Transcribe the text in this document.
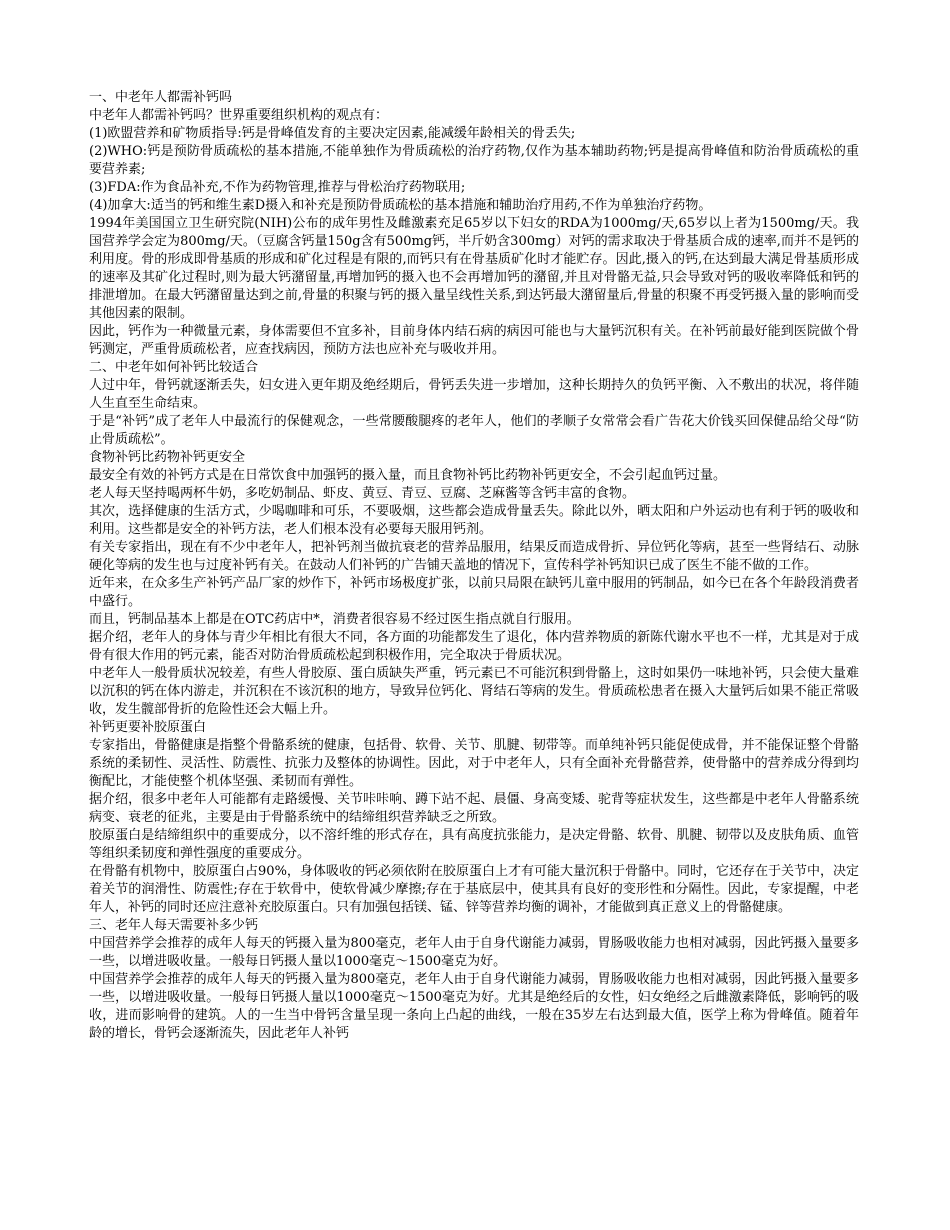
一、中老年人都需补钙吗

中老年人都需补钙吗？世界重要组织机构的观点有：

(1)欧盟营养和矿物质指导:钙是骨峰值发育的主要决定因素,能减缓年龄相关的骨丢失;

(2)WHO:钙是预防骨质疏松的基本措施,不能单独作为骨质疏松的治疗药物,仅作为基本辅助药物;钙是提高骨峰值和防治骨质疏松的重要营养素;

(3)FDA:作为食品补充,不作为药物管理,推荐与骨松治疗药物联用;

(4)加拿大:适当的钙和维生素D摄入和补充是预防骨质疏松的基本措施和辅助治疗用药,不作为单独治疗药物。

1994年美国国立卫生研究院(NIH)公布的成年男性及雌激素充足65岁以下妇女的RDA为1000mg/天,65岁以上者为1500mg/天。我国营养学会定为800mg/天。（豆腐含钙量150g含有500mg钙，半斤奶含300mg）对钙的需求取决于骨基质合成的速率,而并不是钙的利用度。骨的形成即骨基质的形成和矿化过程是有限的,而钙只有在骨基质矿化时才能贮存。因此,摄入的钙,在达到最大满足骨基质形成的速率及其矿化过程时,则为最大钙潴留量,再增加钙的摄入也不会再增加钙的潴留,并且对骨骼无益,只会导致对钙的吸收率降低和钙的排泄增加。在最大钙潴留量达到之前,骨量的积聚与钙的摄入量呈线性关系,到达钙最大潴留量后,骨量的积聚不再受钙摄入量的影响而受其他因素的限制。

因此，钙作为一种微量元素，身体需要但不宜多补，目前身体内结石病的病因可能也与大量钙沉积有关。在补钙前最好能到医院做个骨钙测定，严重骨质疏松者，应查找病因，预防方法也应补充与吸收并用。

二、中老年如何补钙比较适合

人过中年，骨钙就逐渐丢失，妇女进入更年期及绝经期后，骨钙丢失进一步增加，这种长期持久的负钙平衡、入不敷出的状况，将伴随人生直至生命结束。

于是“补钙”成了老年人中最流行的保健观念，一些常腰酸腿疼的老年人，他们的孝顺子女常常会看广告花大价钱买回保健品给父母“防止骨质疏松”。

食物补钙比药物补钙更安全

最安全有效的补钙方式是在日常饮食中加强钙的摄入量，而且食物补钙比药物补钙更安全，不会引起血钙过量。

老人每天坚持喝两杯牛奶，多吃奶制品、虾皮、黄豆、青豆、豆腐、芝麻酱等含钙丰富的食物。

其次，选择健康的生活方式，少喝咖啡和可乐，不要吸烟，这些都会造成骨量丢失。除此以外，晒太阳和户外运动也有利于钙的吸收和利用。这些都是安全的补钙方法，老人们根本没有必要每天服用钙剂。

有关专家指出，现在有不少中老年人，把补钙剂当做抗衰老的营养品服用，结果反而造成骨折、异位钙化等病，甚至一些肾结石、动脉硬化等病的发生也与过度补钙有关。在鼓动人们补钙的广告铺天盖地的情况下，宣传科学补钙知识已成了医生不能不做的工作。

近年来，在众多生产补钙产品厂家的炒作下，补钙市场极度扩张，以前只局限在缺钙儿童中服用的钙制品，如今已在各个年龄段消费者中盛行。

而且，钙制品基本上都是在OTC药店中*，消费者很容易不经过医生指点就自行服用。

据介绍，老年人的身体与青少年相比有很大不同，各方面的功能都发生了退化，体内营养物质的新陈代谢水平也不一样，尤其是对于成骨有很大作用的钙元素，能否对防治骨质疏松起到积极作用，完全取决于骨质状况。

中老年人一般骨质状况较差，有些人骨胶原、蛋白质缺失严重，钙元素已不可能沉积到骨骼上，这时如果仍一味地补钙，只会使大量难以沉积的钙在体内游走，并沉积在不该沉积的地方，导致异位钙化、肾结石等病的发生。骨质疏松患者在摄入大量钙后如果不能正常吸收，发生髋部骨折的危险性还会大幅上升。

补钙更要补胶原蛋白

专家指出，骨骼健康是指整个骨骼系统的健康，包括骨、软骨、关节、肌腱、韧带等。而单纯补钙只能促使成骨，并不能保证整个骨骼系统的柔韧性、灵活性、防震性、抗张力及整体的协调性。因此，对于中老年人，只有全面补充骨骼营养，使骨骼中的营养成分得到均衡配比，才能使整个机体坚强、柔韧而有弹性。

据介绍，很多中老年人可能都有走路缓慢、关节咔咔响、蹲下站不起、晨僵、身高变矮、驼背等症状发生，这些都是中老年人骨骼系统病变、衰老的征兆，主要是由于骨骼系统中的结缔组织营养缺乏之所致。

胶原蛋白是结缔组织中的重要成分，以不溶纤维的形式存在，具有高度抗张能力，是决定骨骼、软骨、肌腱、韧带以及皮肤角质、血管等组织柔韧度和弹性强度的重要成分。

在骨骼有机物中，胶原蛋白占90%，身体吸收的钙必须依附在胶原蛋白上才有可能大量沉积于骨骼中。同时，它还存在于关节中，决定着关节的润滑性、防震性;存在于软骨中，使软骨减少摩擦;存在于基底层中，使其具有良好的变形性和分隔性。因此，专家提醒，中老年人，补钙的同时还应注意补充胶原蛋白。只有加强包括镁、锰、锌等营养均衡的调补，才能做到真正意义上的骨骼健康。

三、老年人每天需要补多少钙

中国营养学会推荐的成年人每天的钙摄入量为800毫克，老年人由于自身代谢能力减弱，胃肠吸收能力也相对减弱，因此钙摄入量要多一些，以增进吸收量。一般每日钙摄人量以1000毫克～1500毫克为好。

中国营养学会推荐的成年人每天的钙摄入量为800毫克，老年人由于自身代谢能力减弱，胃肠吸收能力也相对减弱，因此钙摄入量要多一些，以增进吸收量。一般每日钙摄人量以1000毫克～1500毫克为好。尤其是绝经后的女性，妇女绝经之后雌激素降低，影响钙的吸收，进而影响骨的建筑。人的一生当中骨钙含量呈现一条向上凸起的曲线，一般在35岁左右达到最大值，医学上称为骨峰值。随着年龄的增长，骨钙会逐渐流失，因此老年人补钙
